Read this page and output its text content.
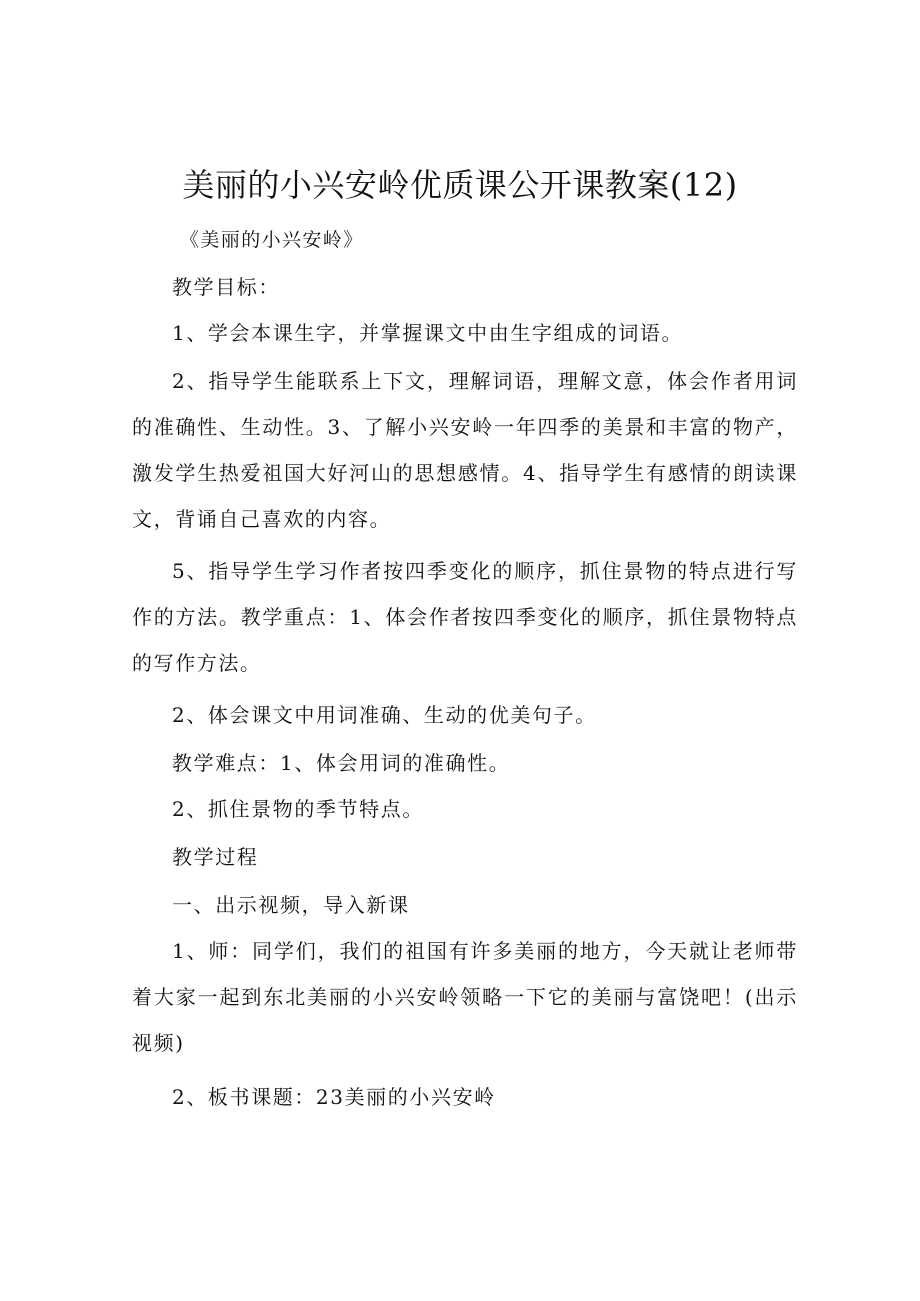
美丽的小兴安岭优质课公开课教案(12)

《美丽的小兴安岭》

教学目标：

1、学会本课生字，并掌握课文中由生字组成的词语。

2、指导学生能联系上下文，理解词语，理解文意，体会作者用词的准确性、生动性。3、了解小兴安岭一年四季的美景和丰富的物产，激发学生热爱祖国大好河山的思想感情。4、指导学生有感情的朗读课文，背诵自己喜欢的内容。

5、指导学生学习作者按四季变化的顺序，抓住景物的特点进行写作的方法。教学重点：1、体会作者按四季变化的顺序，抓住景物特点的写作方法。

2、体会课文中用词准确、生动的优美句子。

教学难点：1、体会用词的准确性。

2、抓住景物的季节特点。

教学过程

一、出示视频，导入新课

1、师：同学们，我们的祖国有许多美丽的地方，今天就让老师带着大家一起到东北美丽的小兴安岭领略一下它的美丽与富饶吧！(出示视频)

2、板书课题：23美丽的小兴安岭
